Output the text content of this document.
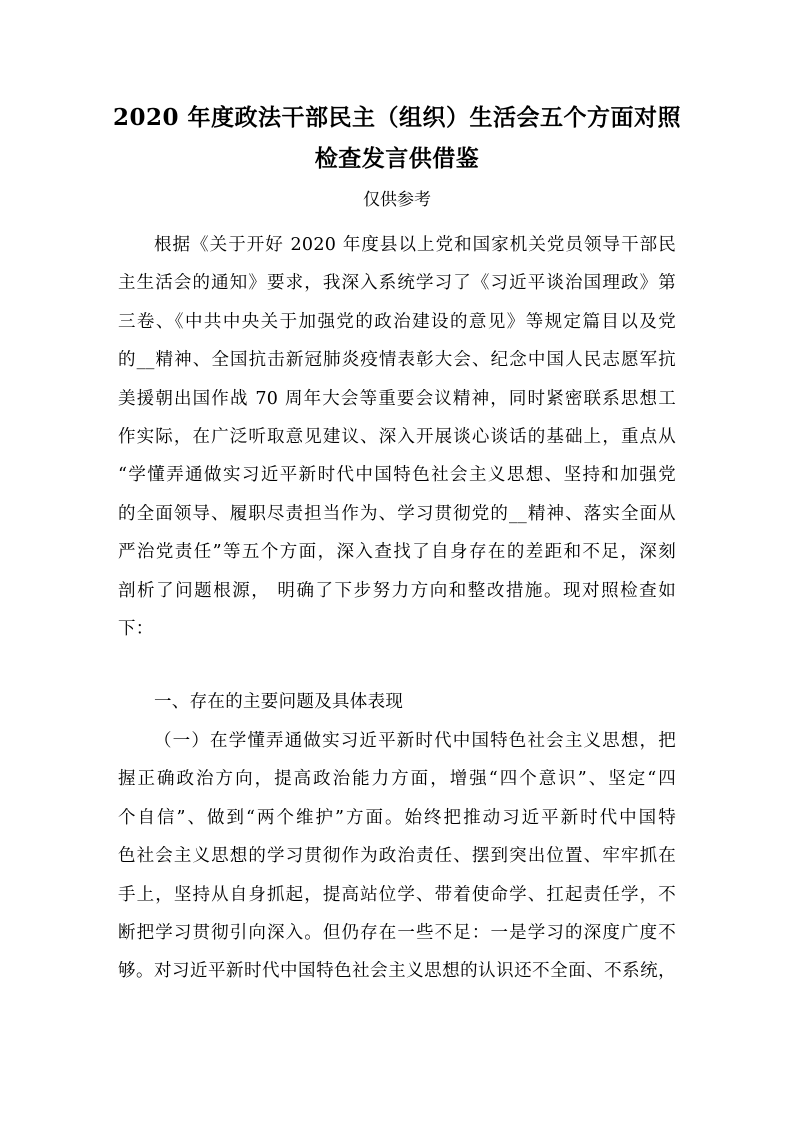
2020 年度政法干部民主（组织）生活会五个方面对照
检查发言供借鉴
仅供参考
根据《关于开好 2020 年度县以上党和国家机关党员领导干部民
主生活会的通知》要求，我深入系统学习了《习近平谈治国理政》第
三卷、《中共中央关于加强党的政治建设的意见》等规定篇目以及党
的__精神、全国抗击新冠肺炎疫情表彰大会、纪念中国人民志愿军抗
美援朝出国作战 70 周年大会等重要会议精神，同时紧密联系思想工
作实际，在广泛听取意见建议、深入开展谈心谈话的基础上，重点从
“学懂弄通做实习近平新时代中国特色社会主义思想、坚持和加强党
的全面领导、履职尽责担当作为、学习贯彻党的__精神、落实全面从
严治党责任”等五个方面，深入查找了自身存在的差距和不足，深刻
剖析了问题根源， 明确了下步努力方向和整改措施。现对照检查如
下：
一、存在的主要问题及具体表现
（一）在学懂弄通做实习近平新时代中国特色社会主义思想，把
握正确政治方向，提高政治能力方面，增强“四个意识”、坚定“四
个自信”、做到“两个维护”方面。始终把推动习近平新时代中国特
色社会主义思想的学习贯彻作为政治责任、摆到突出位置、牢牢抓在
手上，坚持从自身抓起，提高站位学、带着使命学、扛起责任学，不
断把学习贯彻引向深入。但仍存在一些不足：一是学习的深度广度不
够。对习近平新时代中国特色社会主义思想的认识还不全面、不系统，
